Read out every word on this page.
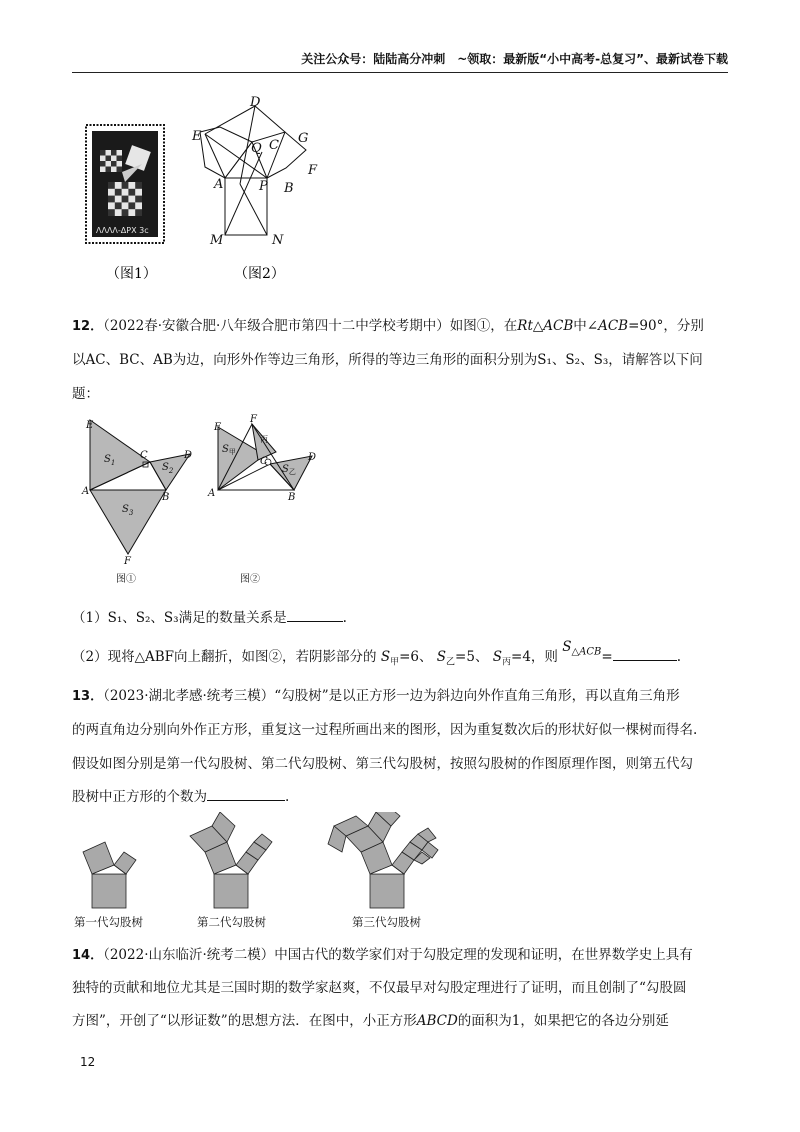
关注公众号：陆陆高分冲刺　~领取：最新版“小中高考-总复习”、最新试卷下载
ΛΛΛΛ-ΔΡΧ 3c
（图1）
D
E
Q C G
F
A	P B
M	N
（图2）
12．（2022春·安徽合肥·八年级合肥市第四十二中学校考期中）如图①，在Rt△ACB中∠ACB=90°，分别
以AC、BC、AB为边，向形外作等边三角形，所得的等边三角形的面积分别为S₁、S₂、S₃，请解答以下问
题：
E
C	D
A
B
F
$S_1$	$S_2$
$S_3$
图①
E
F
C	D
A	B
$S_甲$
丙
$S_乙$
图②
（1）S₁、S₂、S₃满足的数量关系是	.
（2）现将△ABF向上翻折，如图②，若阴影部分的 $S_甲=6$、 $S_乙=5$、 $S_丙=4$，则 $S_{\triangle ACB}=$	.
13．（2023·湖北孝感·统考三模）“勾股树”是以正方形一边为斜边向外作直角三角形，再以直角三角形
的两直角边分别向外作正方形，重复这一过程所画出来的图形，因为重复数次后的形状好似一棵树而得名.
假设如图分别是第一代勾股树、第二代勾股树、第三代勾股树，按照勾股树的作图原理作图，则第五代勾
股树中正方形的个数为	.
第一代勾股树	第二代勾股树	第三代勾股树
14．（2022·山东临沂·统考二模）中国古代的数学家们对于勾股定理的发现和证明，在世界数学史上具有
独特的贡献和地位尤其是三国时期的数学家赵爽，不仅最早对勾股定理进行了证明，而且创制了“勾股圆
方图”，开创了“以形证数”的思想方法．在图中，小正方形ABCD的面积为1，如果把它的各边分别延
12
